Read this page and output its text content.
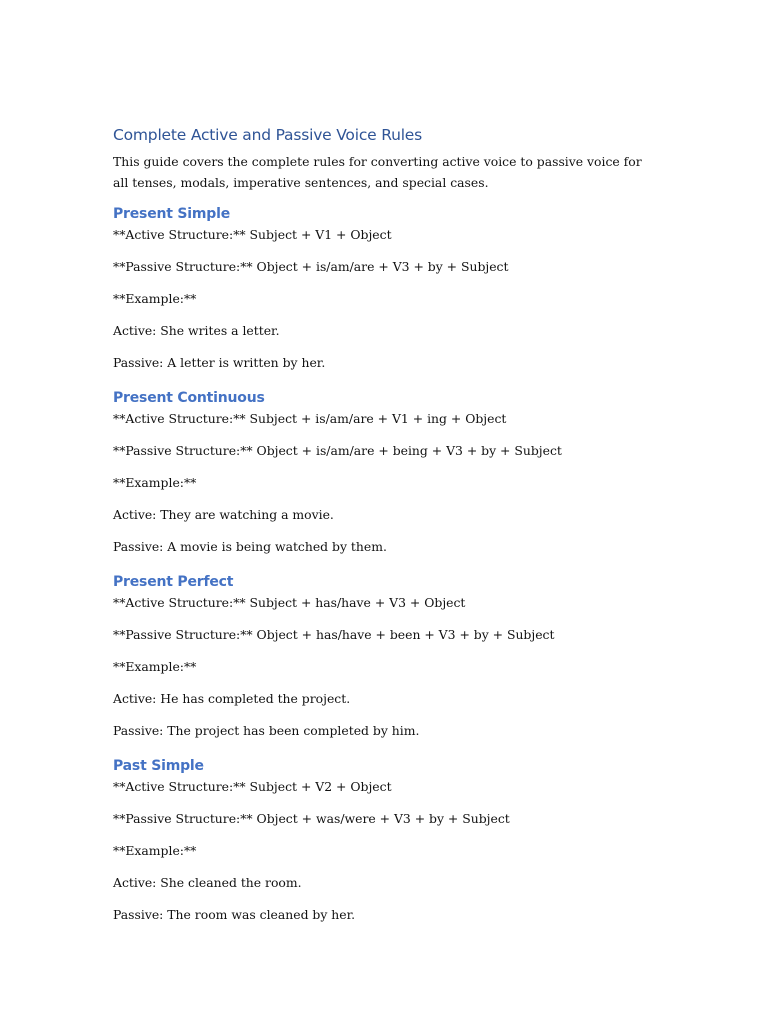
Complete Active and Passive Voice Rules

This guide covers the complete rules for converting active voice to passive voice for all tenses, modals, imperative sentences, and special cases.

Present Simple

**Active Structure:** Subject + V1 + Object

**Passive Structure:** Object + is/am/are + V3 + by + Subject

**Example:**

Active: She writes a letter.

Passive: A letter is written by her.

Present Continuous

**Active Structure:** Subject + is/am/are + V1 + ing + Object

**Passive Structure:** Object + is/am/are + being + V3 + by + Subject

**Example:**

Active: They are watching a movie.

Passive: A movie is being watched by them.

Present Perfect

**Active Structure:** Subject + has/have + V3 + Object

**Passive Structure:** Object + has/have + been + V3 + by + Subject

**Example:**

Active: He has completed the project.

Passive: The project has been completed by him.

Past Simple

**Active Structure:** Subject + V2 + Object

**Passive Structure:** Object + was/were + V3 + by + Subject

**Example:**

Active: She cleaned the room.

Passive: The room was cleaned by her.
